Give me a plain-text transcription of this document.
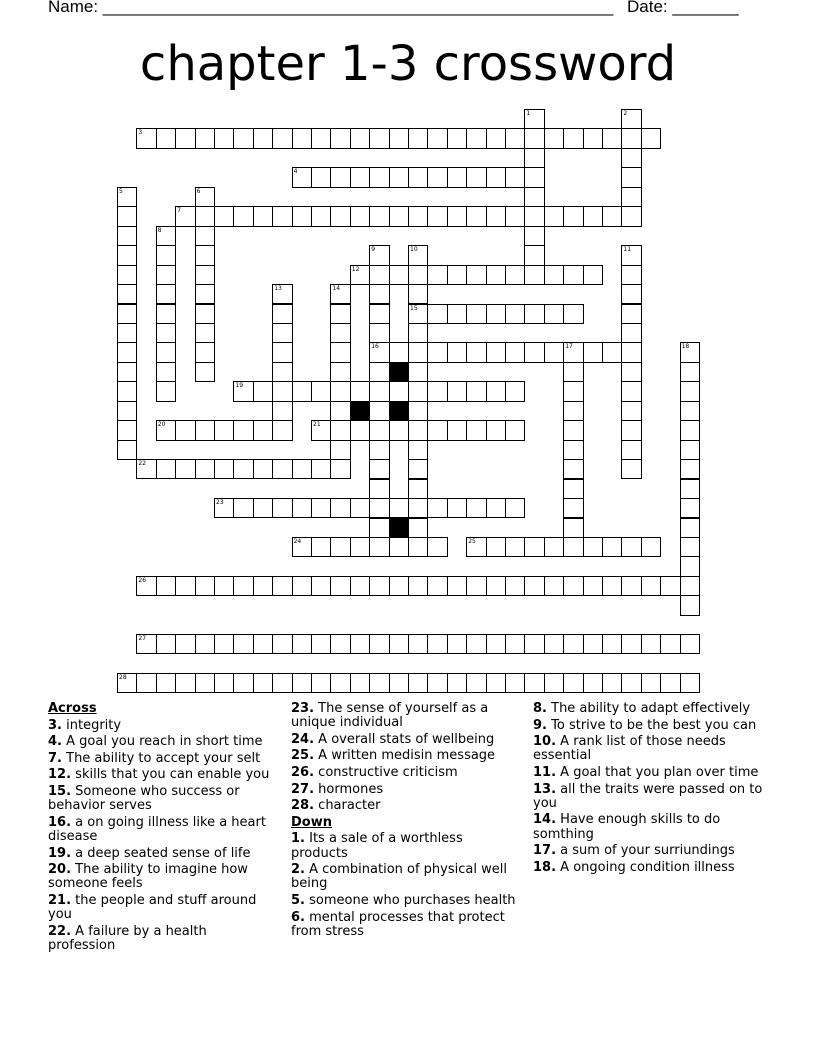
Name: ______________________________________________________ Date: _______
chapter 1-3 crossword
3
4
7
12
15
16	17
19
20	21
22
23
24	25
26
27
28
1	2
5	6
8
9	10	11
13	14
18
Across
3. integrity
4. A goal you reach in short time
7. The ability to accept your selt
12. skills that you can enable you
15. Someone who success or behavior serves
16. a on going illness like a heart disease
19. a deep seated sense of life
20. The ability to imagine how someone feels
21. the people and stuff around you
22. A failure by a health profession
23. The sense of yourself as a unique individual
24. A overall stats of wellbeing
25. A written medisin message
26. constructive criticism
27. hormones
28. character
Down
1. Its a sale of a worthless products
2. A combination of physical well being
5. someone who purchases health
6. mental processes that protect from stress
8. The ability to adapt effectively
9. To strive to be the best you can
10. A rank list of those needs essential
11. A goal that you plan over time
13. all the traits were passed on to you
14. Have enough skills to do somthing
17. a sum of your surriundings
18. A ongoing condition illness
